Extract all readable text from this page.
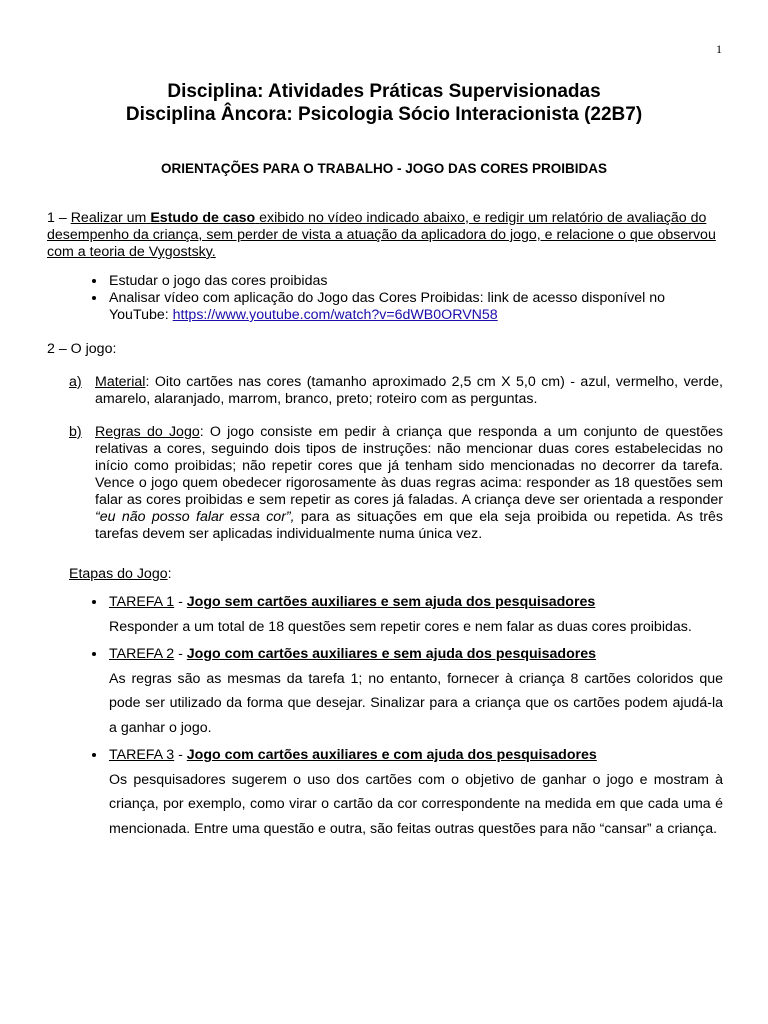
1
Disciplina: Atividades Práticas Supervisionadas
Disciplina Âncora: Psicologia Sócio Interacionista (22B7)
ORIENTAÇÕES PARA O TRABALHO - JOGO DAS CORES PROIBIDAS
1 – Realizar um Estudo de caso exibido no vídeo indicado abaixo, e redigir um relatório de avaliação do desempenho da criança, sem perder de vista a atuação da aplicadora do jogo, e relacione o que observou com a teoria de Vygostsky.
• Estudar o jogo das cores proibidas
• Analisar vídeo com aplicação do Jogo das Cores Proibidas: link de acesso disponível no YouTube: https://www.youtube.com/watch?v=6dWB0ORVN58
2 – O jogo:
a) Material: Oito cartões nas cores (tamanho aproximado 2,5 cm X 5,0 cm) - azul, vermelho, verde, amarelo, alaranjado, marrom, branco, preto; roteiro com as perguntas.
b) Regras do Jogo: O jogo consiste em pedir à criança que responda a um conjunto de questões relativas a cores, seguindo dois tipos de instruções: não mencionar duas cores estabelecidas no início como proibidas; não repetir cores que já tenham sido mencionadas no decorrer da tarefa. Vence o jogo quem obedecer rigorosamente às duas regras acima: responder as 18 questões sem falar as cores proibidas e sem repetir as cores já faladas. A criança deve ser orientada a responder “eu não posso falar essa cor”, para as situações em que ela seja proibida ou repetida. As três tarefas devem ser aplicadas individualmente numa única vez.
Etapas do Jogo:
• TAREFA 1 - Jogo sem cartões auxiliares e sem ajuda dos pesquisadores
Responder a um total de 18 questões sem repetir cores e nem falar as duas cores proibidas.
• TAREFA 2 - Jogo com cartões auxiliares e sem ajuda dos pesquisadores
As regras são as mesmas da tarefa 1; no entanto, fornecer à criança 8 cartões coloridos que pode ser utilizado da forma que desejar. Sinalizar para a criança que os cartões podem ajudá-la a ganhar o jogo.
• TAREFA 3 - Jogo com cartões auxiliares e com ajuda dos pesquisadores
Os pesquisadores sugerem o uso dos cartões com o objetivo de ganhar o jogo e mostram à criança, por exemplo, como virar o cartão da cor correspondente na medida em que cada uma é mencionada. Entre uma questão e outra, são feitas outras questões para não “cansar” a criança.
